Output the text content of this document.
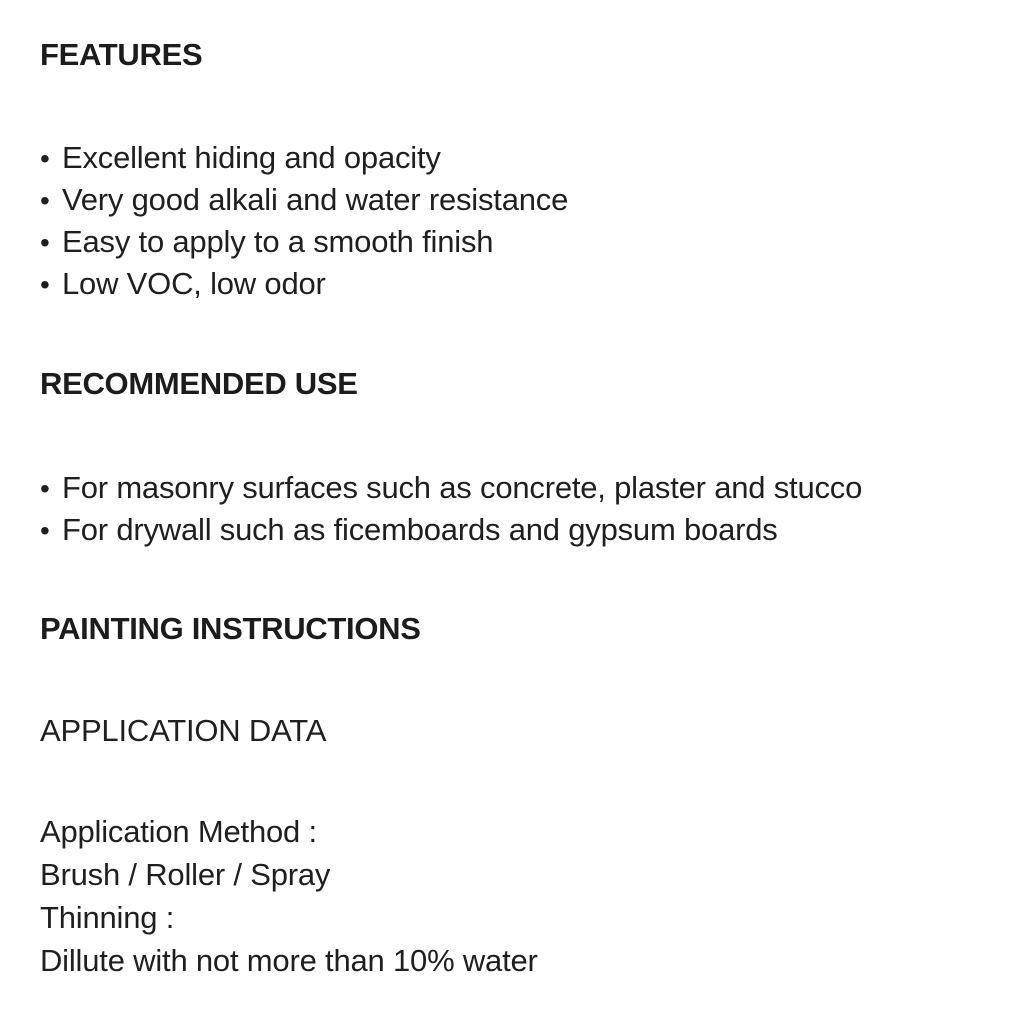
FEATURES
• Excellent hiding and opacity
• Very good alkali and water resistance
• Easy to apply to a smooth finish
• Low VOC, low odor
RECOMMENDED USE
• For masonry surfaces such as concrete, plaster and stucco
• For drywall such as ficemboards and gypsum boards
PAINTING INSTRUCTIONS
APPLICATION DATA
Application Method :
Brush / Roller / Spray
Thinning :
Dillute with not more than 10% water
